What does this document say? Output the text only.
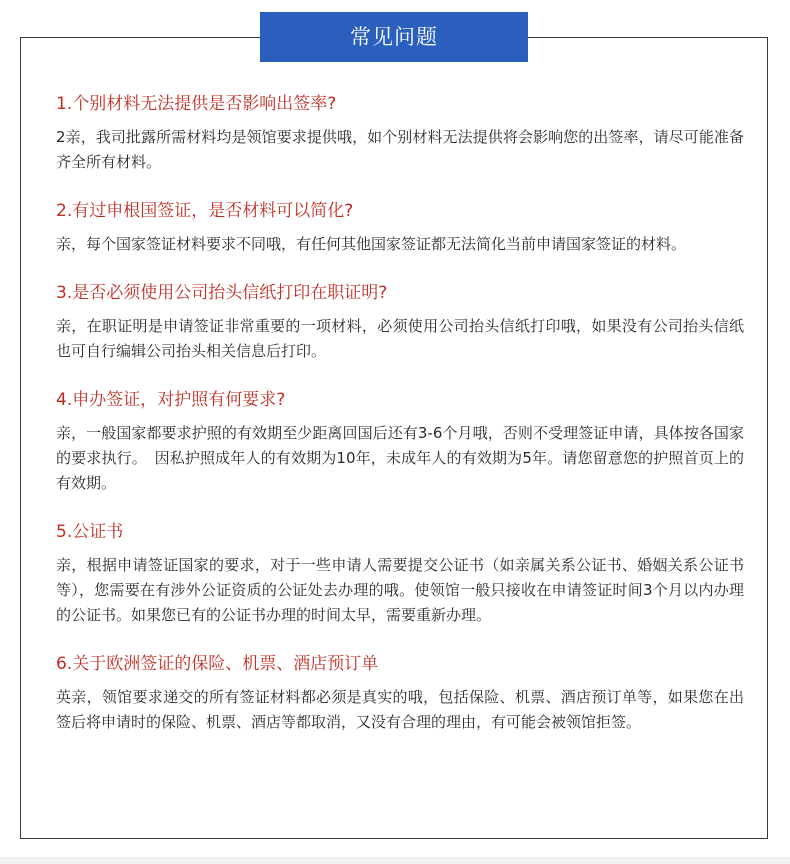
常见问题
1.个别材料无法提供是否影响出签率?

2亲，我司批露所需材料均是领馆要求提供哦，如个别材料无法提供将会影响您的出签率，请尽可能准备齐全所有材料。

2.有过申根国签证，是否材料可以简化?

亲，每个国家签证材料要求不同哦，有任何其他国家签证都无法简化当前申请国家签证的材料。

3.是否必须使用公司抬头信纸打印在职证明?

亲，在职证明是申请签证非常重要的一项材料，必须使用公司抬头信纸打印哦，如果没有公司抬头信纸也可自行编辑公司抬头相关信息后打印。

4.申办签证，对护照有何要求?

亲，一般国家都要求护照的有效期至少距离回国后还有3-6个月哦，否则不受理签证申请，具体按各国家的要求执行。　因私护照成年人的有效期为10年，未成年人的有效期为5年。请您留意您的护照首页上的有效期。

5.公证书

亲，根据申请签证国家的要求，对于一些申请人需要提交公证书（如亲属关系公证书、婚姻关系公证书等），您需要在有涉外公证资质的公证处去办理的哦。使领馆一般只接收在申请签证时间3个月以内办理的公证书。如果您已有的公证书办理的时间太早，需要重新办理。

6.关于欧洲签证的保险、机票、酒店预订单

英亲，领馆要求递交的所有签证材料都必须是真实的哦，包括保险、机票、酒店预订单等，如果您在出签后将申请时的保险、机票、酒店等都取消，又没有合理的理由，有可能会被领馆拒签。
